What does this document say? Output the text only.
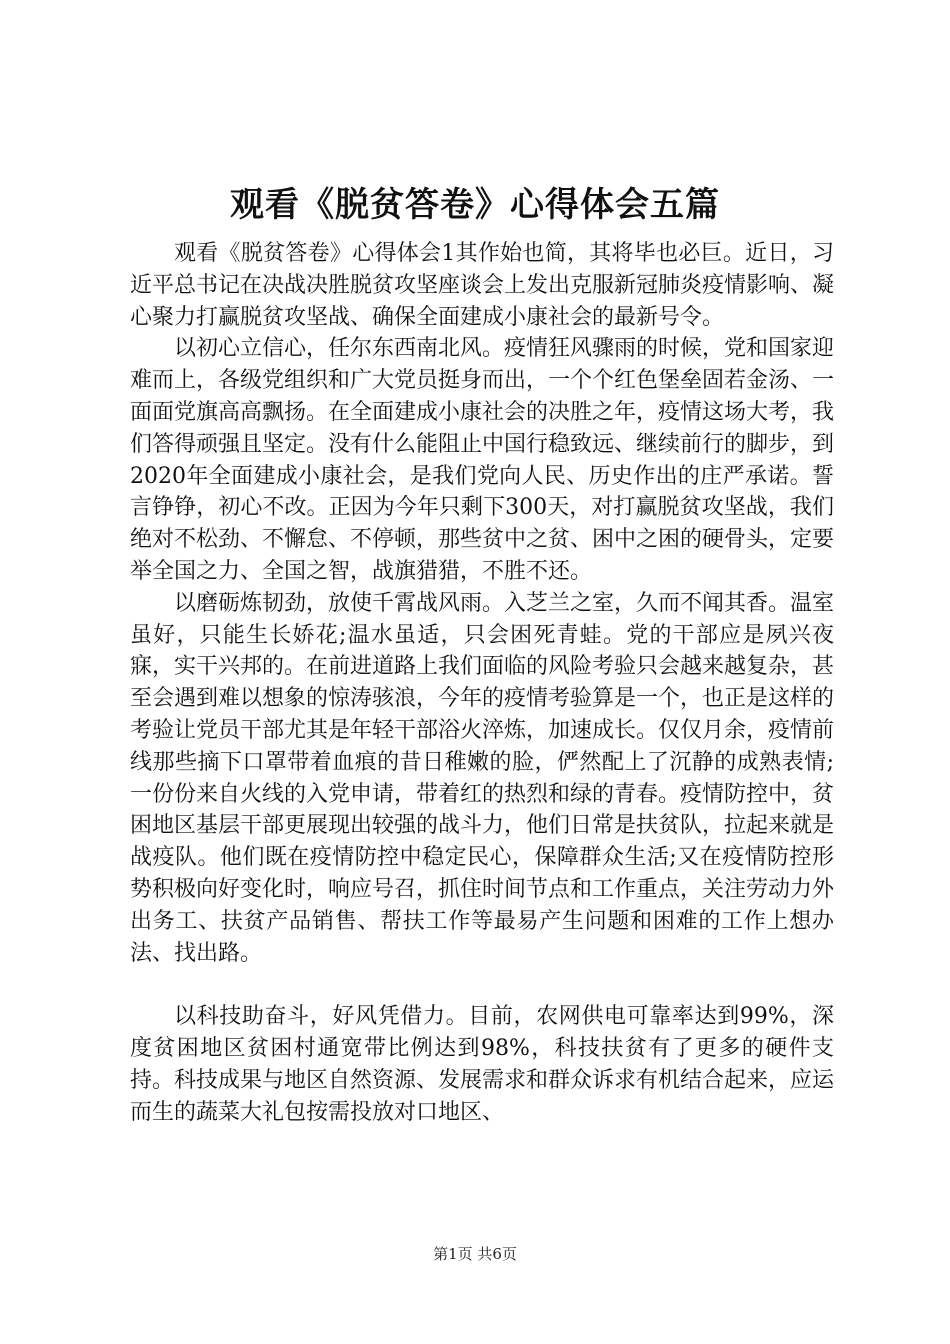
观看《脱贫答卷》心得体会五篇

观看《脱贫答卷》心得体会1其作始也简，其将毕也必巨。近日，习近平总书记在决战决胜脱贫攻坚座谈会上发出克服新冠肺炎疫情影响、凝心聚力打赢脱贫攻坚战、确保全面建成小康社会的最新号令。

以初心立信心，任尔东西南北风。疫情狂风骤雨的时候，党和国家迎难而上，各级党组织和广大党员挺身而出，一个个红色堡垒固若金汤、一面面党旗高高飘扬。在全面建成小康社会的决胜之年，疫情这场大考，我们答得顽强且坚定。没有什么能阻止中国行稳致远、继续前行的脚步，到2020年全面建成小康社会，是我们党向人民、历史作出的庄严承诺。誓言铮铮，初心不改。正因为今年只剩下300天，对打赢脱贫攻坚战，我们绝对不松劲、不懈怠、不停顿，那些贫中之贫、困中之困的硬骨头，定要举全国之力、全国之智，战旗猎猎，不胜不还。

以磨砺炼韧劲，放使千霄战风雨。入芝兰之室，久而不闻其香。温室虽好，只能生长娇花;温水虽适，只会困死青蛙。党的干部应是夙兴夜寐，实干兴邦的。在前进道路上我们面临的风险考验只会越来越复杂，甚至会遇到难以想象的惊涛骇浪，今年的疫情考验算是一个，也正是这样的考验让党员干部尤其是年轻干部浴火淬炼，加速成长。仅仅月余，疫情前线那些摘下口罩带着血痕的昔日稚嫩的脸，俨然配上了沉静的成熟表情;一份份来自火线的入党申请，带着红的热烈和绿的青春。疫情防控中，贫困地区基层干部更展现出较强的战斗力，他们日常是扶贫队，拉起来就是战疫队。他们既在疫情防控中稳定民心，保障群众生活;又在疫情防控形势积极向好变化时，响应号召，抓住时间节点和工作重点，关注劳动力外出务工、扶贫产品销售、帮扶工作等最易产生问题和困难的工作上想办法、找出路。

以科技助奋斗，好风凭借力。目前，农网供电可靠率达到99%，深度贫困地区贫困村通宽带比例达到98%，科技扶贫有了更多的硬件支持。科技成果与地区自然资源、发展需求和群众诉求有机结合起来，应运而生的蔬菜大礼包按需投放对口地区、

第1页 共6页
